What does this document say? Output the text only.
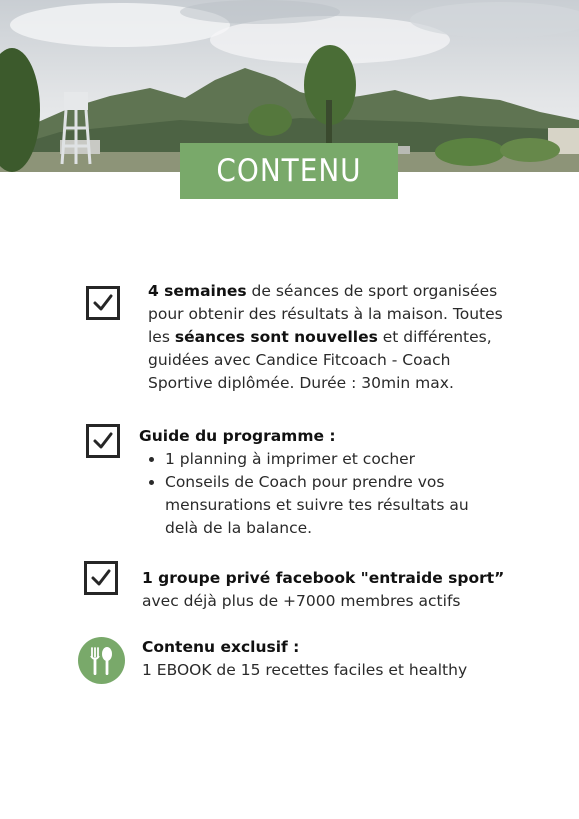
CONTENU
4 semaines de séances de sport organisées
pour obtenir des résultats à la maison. Toutes
les séances sont nouvelles et différentes,
guidées avec Candice Fitcoach - Coach
Sportive diplômée. Durée : 30min max.
Guide du programme :
1 planning à imprimer et cocher
Conseils de Coach pour prendre vos
mensurations et suivre tes résultats au
delà de la balance.
1 groupe privé facebook "entraide sport”
avec déjà plus de +7000 membres actifs
Contenu exclusif :
1 EBOOK de 15 recettes faciles et healthy
